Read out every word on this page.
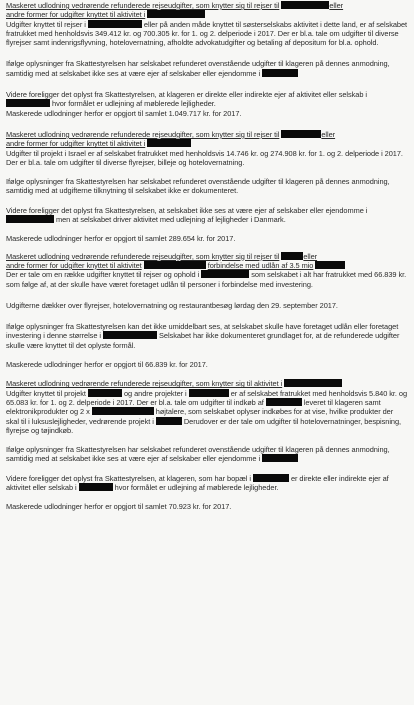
Maskeret udlodning vedrørende refunderede rejseudgifter, som knytter sig til rejser til	eller
andre former for udgifter knyttet til aktivitet i

Udgifter knyttet til rejser i	eller på anden måde knyttet til søsterselskabs aktivitet i dette land, er af selskabet fratrukket med henholdsvis 349.412 kr. og 700.305 kr. for 1. og 2. delperiode i 2017. Der er bl.a. tale om udgifter til diverse flyrejser samt indenrigsflyvning, hotelovernatning, afholdte advokatudgifter og betaling af depositum for bl.a. ophold.

Ifølge oplysninger fra Skattestyrelsen har selskabet refunderet ovenstående udgifter til klageren på dennes anmodning, samtidig med at selskabet ikke ses at være ejer af selskaber eller ejendomme i

Videre foreligger det oplyst fra Skattestyrelsen, at klageren er direkte eller indirekte ejer af aktivitet eller selskab i  hvor formålet er udlejning af møblerede lejligheder.

Maskerede udlodninger herfor er opgjort til samlet 1.049.717 kr. for 2017.

Maskeret udlodning vedrørende refunderede rejseudgifter, som knytter sig til rejser til	eller
andre former for udgifter knyttet til aktivitet i

Udgifter til projekt i Israel er af selskabet fratrukket med henholdsvis 14.746 kr. og 274.908 kr. for 1. og 2. delperiode i 2017. Der er bl.a. tale om udgifter til diverse flyrejser, billeje og hotelovernatning.

Ifølge oplysninger fra Skattestyrelsen har selskabet refunderet ovenstående udgifter til klageren på dennes anmodning, samtidig med at udgifterne tilknytning til selskabet ikke er dokumenteret.

Videre foreligger det oplyst fra Skattestyrelsen, at selskabet ikke ses at være ejer af selskaber eller ejendomme i  men at selskabet driver aktivitet med udlejning af lejligheder i Danmark.

Maskerede udlodninger herfor er opgjort til samlet 289.654 kr. for 2017.

Maskeret udlodning vedrørende refunderede rejseudgifter, som knytter sig til rejser til	eller
andre former for udgifter knyttet til aktivitet	forbindelse med udlån af 3.5 mio

Der er tale om en række udgifter knyttet til rejser og ophold i	som selskabet i alt har fratrukket med 66.839 kr. som følge af, at der skulle have været foretaget udlån til personer i forbindelse med investering.

Udgifterne dækker over flyrejser, hotelovernatning og restaurantbesøg lørdag den 29. september 2017.

Ifølge oplysninger fra Skattestyrelsen kan det ikke umiddelbart ses, at selskabet skulle have foretaget udlån eller foretaget investering i denne størrelse i	Selskabet har ikke dokumenteret grundlaget for, at de refunderede udgifter skulle være knyttet til det oplyste formål.

Maskerede udlodninger herfor er opgjort til 66.839 kr. for 2017.

Maskeret udlodning vedrørende refunderede rejseudgifter, som knytter sig til aktivitet i

Udgifter knyttet til projekt	og andre projekter i	er af selskabet fratrukket med henholdsvis 5.840 kr. og 65.083 kr. for 1. og 2. delperiode i 2017. Der er bl.a. tale om udgifter til indkøb af	leveret til klageren samt elektronikprodukter og 2 x	højtalere, som selskabet oplyser indkøbes for at vise, hvilke produkter der skal til i luksuslejligheder, vedrørende projekt i	Derudover er der tale om udgifter til hotelovernatninger, bespisning, flyrejse og tøjindkøb.

Ifølge oplysninger fra Skattestyrelsen har selskabet refunderet ovenstående udgifter til klageren på dennes anmodning, samtidig med at selskabet ikke ses at være ejer af selskaber eller ejendomme i

Videre foreligger det oplyst fra Skattestyrelsen, at klageren, som har bopæl i	er direkte eller indirekte ejer af aktivitet eller selskab i	hvor formålet er udlejning af møblerede lejligheder.

Maskerede udlodninger herfor er opgjort til samlet 70.923 kr. for 2017.
